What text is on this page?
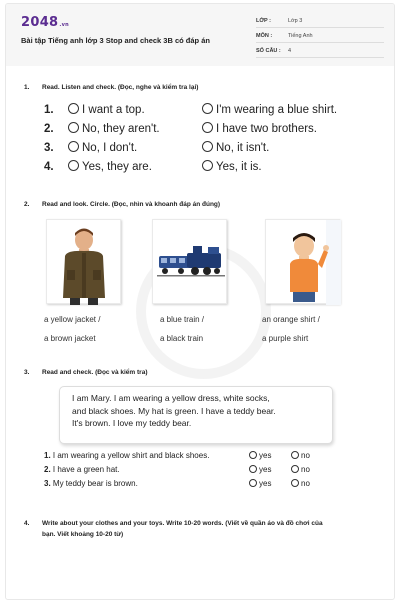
2048.vn
Bài tập Tiếng anh lớp 3 Stop and check 3B có đáp án
LỚP :	Lớp 3
MÔN :	Tiếng Anh
SỐ CÂU : 4
1. Read. Listen and check. (Đọc, nghe và kiểm tra lại)
1. I want a top.	I'm wearing a blue shirt.
2. No, they aren't.	I have two brothers.
3. No, I don't.	No, it isn't.
4. Yes, they are.	Yes, it is.
2. Read and look. Circle. (Đọc, nhìn và khoanh đáp án đúng)
a yellow jacket /
a brown jacket
a blue train /
a black train
an orange shirt /
a purple shirt
3. Read and check. (Đọc và kiểm tra)
I am Mary. I am wearing a yellow dress, white socks,
and black shoes. My hat is green. I have a teddy bear.
It's brown. I love my teddy bear.
1. I am wearing a yellow shirt and black shoes.	yes	no
2. I have a green hat.	yes	no
3. My teddy bear is brown.	yes	no
4. Write about your clothes and your toys. Write 10-20 words. (Viết về quần áo và đồ chơi của
bạn. Viết khoảng 10-20 từ)
